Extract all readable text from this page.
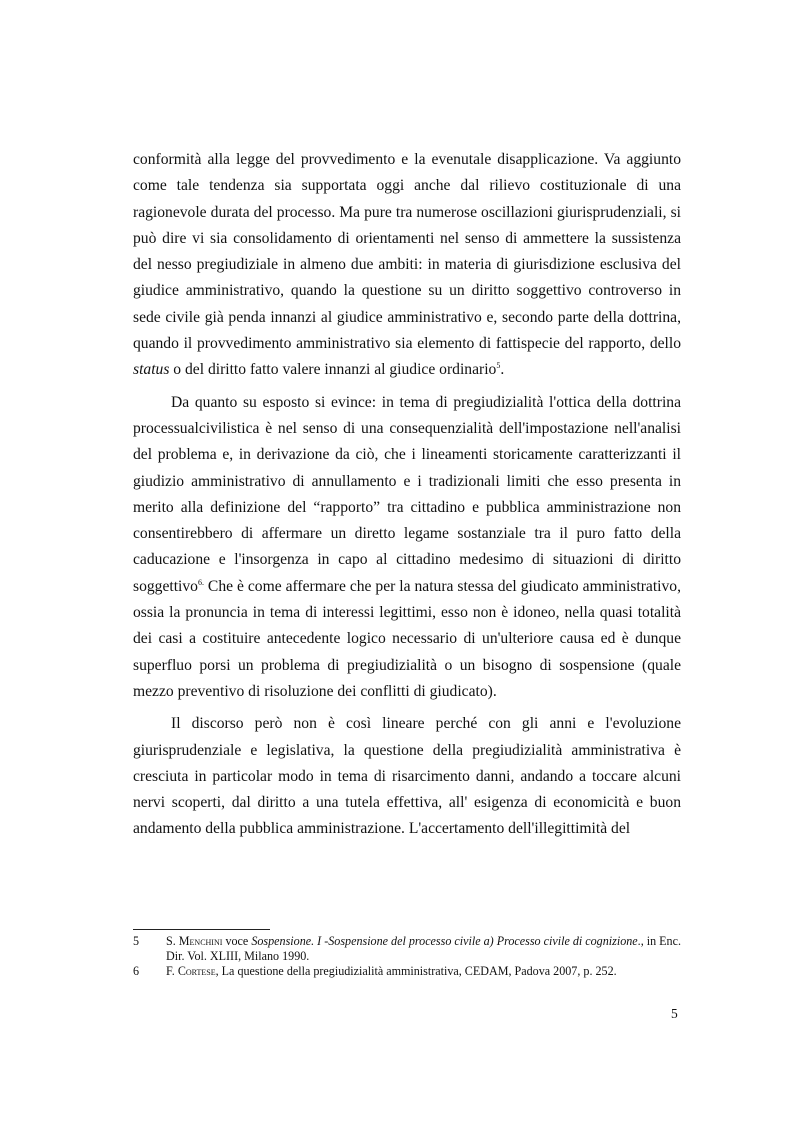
conformità alla legge del provvedimento e la evenutale disapplicazione. Va aggiunto come tale tendenza sia supportata oggi anche dal rilievo costituzionale di una ragionevole durata del processo. Ma pure tra numerose oscillazioni giurisprudenziali, si può dire vi sia consolidamento di orientamenti nel senso di ammettere la sussistenza del nesso pregiudiziale in almeno due ambiti: in materia di giurisdizione esclusiva del giudice amministrativo, quando la questione su un diritto soggettivo controverso in sede civile già penda innanzi al giudice amministrativo e, secondo parte della dottrina, quando il provvedimento amministrativo sia elemento di fattispecie del rapporto, dello status o del diritto fatto valere innanzi al giudice ordinario$^5$.

Da quanto su esposto si evince: in tema di pregiudizialità l'ottica della dottrina processualcivilistica è nel senso di una consequenzialità dell'impostazione nell'analisi del problema e, in derivazione da ciò, che i lineamenti storicamente caratterizzanti il giudizio amministrativo di annullamento e i tradizionali limiti che esso presenta in merito alla definizione del “rapporto” tra cittadino e pubblica amministrazione non consentirebbero di affermare un diretto legame sostanziale tra il puro fatto della caducazione e l'insorgenza in capo al cittadino medesimo di situazioni di diritto soggettivo$^{6.}$ Che è come affermare che per la natura stessa del giudicato amministrativo, ossia la pronuncia in tema di interessi legittimi, esso non è idoneo, nella quasi totalità dei casi a costituire antecedente logico necessario di un'ulteriore causa ed è dunque superfluo porsi un problema di pregiudizialità o un bisogno di sospensione (quale mezzo preventivo di risoluzione dei conflitti di giudicato).

Il discorso però non è così lineare perché con gli anni e l'evoluzione giurisprudenziale e legislativa, la questione della pregiudizialità amministrativa è cresciuta in particolar modo in tema di risarcimento danni, andando a toccare alcuni nervi scoperti, dal diritto a una tutela effettiva, all' esigenza di economicità e buon andamento della pubblica amministrazione. L'accertamento dell'illegittimità del

5	S. Menchini voce Sospensione. I -Sospensione del processo civile a) Processo civile di cognizione., in Enc. Dir. Vol. XLIII, Milano 1990.
6	F. Cortese, La questione della pregiudizialità amministrativa, CEDAM, Padova 2007, p. 252.
5
